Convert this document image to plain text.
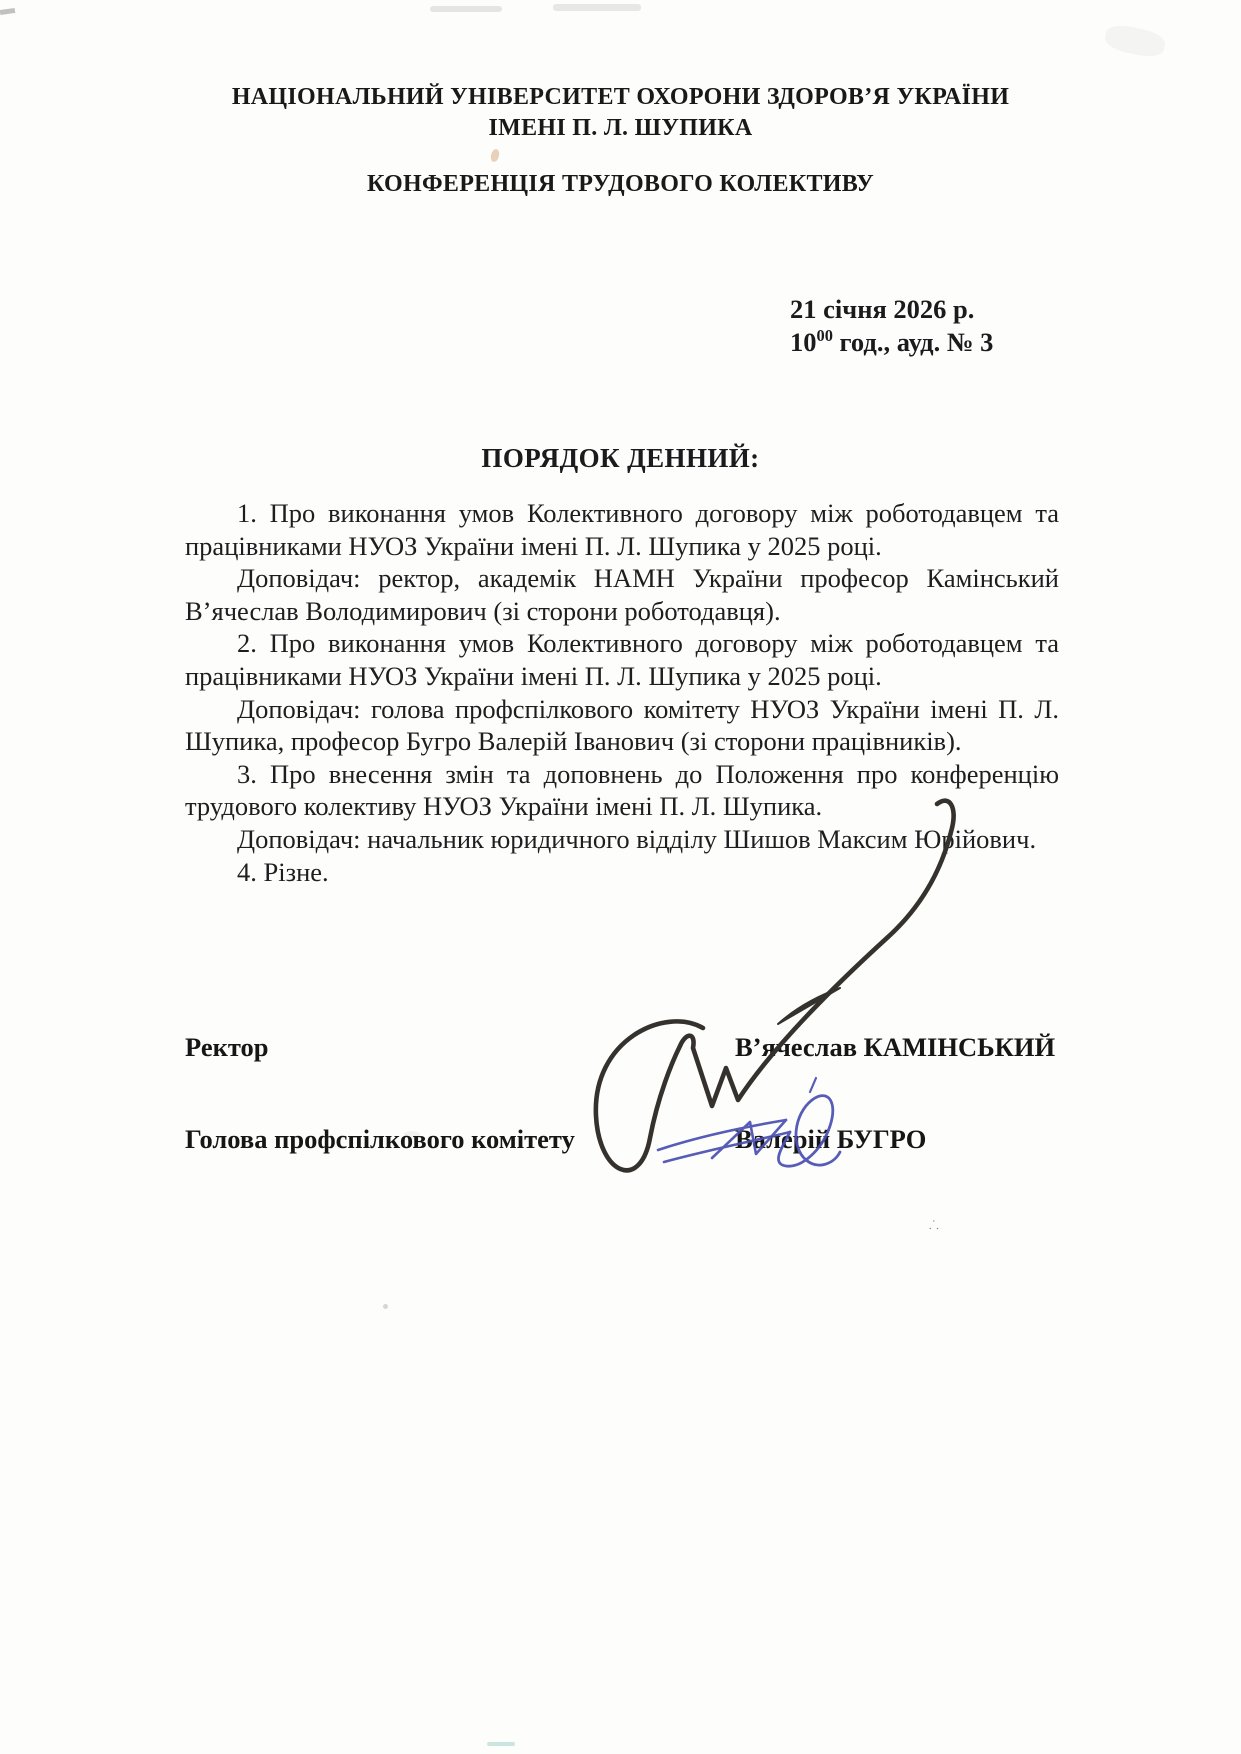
⸫
НАЦІОНАЛЬНИЙ УНІВЕРСИТЕТ ОХОРОНИ ЗДОРОВ’Я УКРАЇНИ
ІМЕНІ П. Л. ШУПИКА
КОНФЕРЕНЦІЯ ТРУДОВОГО КОЛЕКТИВУ
21 січня 2026 р.
$10^{00}$ год., ауд. № 3
ПОРЯДОК ДЕННИЙ:

1. Про виконання умов Колективного договору між роботодавцем та працівниками НУОЗ України імені П. Л. Шупика у 2025 році.

Доповідач: ректор, академік НАМН України професор Камінський В’ячеслав Володимирович (зі сторони роботодавця).

2. Про виконання умов Колективного договору між роботодавцем та працівниками НУОЗ України імені П. Л. Шупика у 2025 році.

Доповідач: голова профспілкового комітету НУОЗ України імені П. Л. Шупика, професор Бугро Валерій Іванович (зі сторони працівників).

3. Про внесення змін та доповнень до Положення про конференцію трудового колективу НУОЗ України імені П. Л. Шупика.

Доповідач: начальник юридичного відділу Шишов Максим Юрійович.

4. Різне.

Ректор	В’ячеслав КАМІНСЬКИЙ
Голова профспілкового комітету	Валерій БУГРО
